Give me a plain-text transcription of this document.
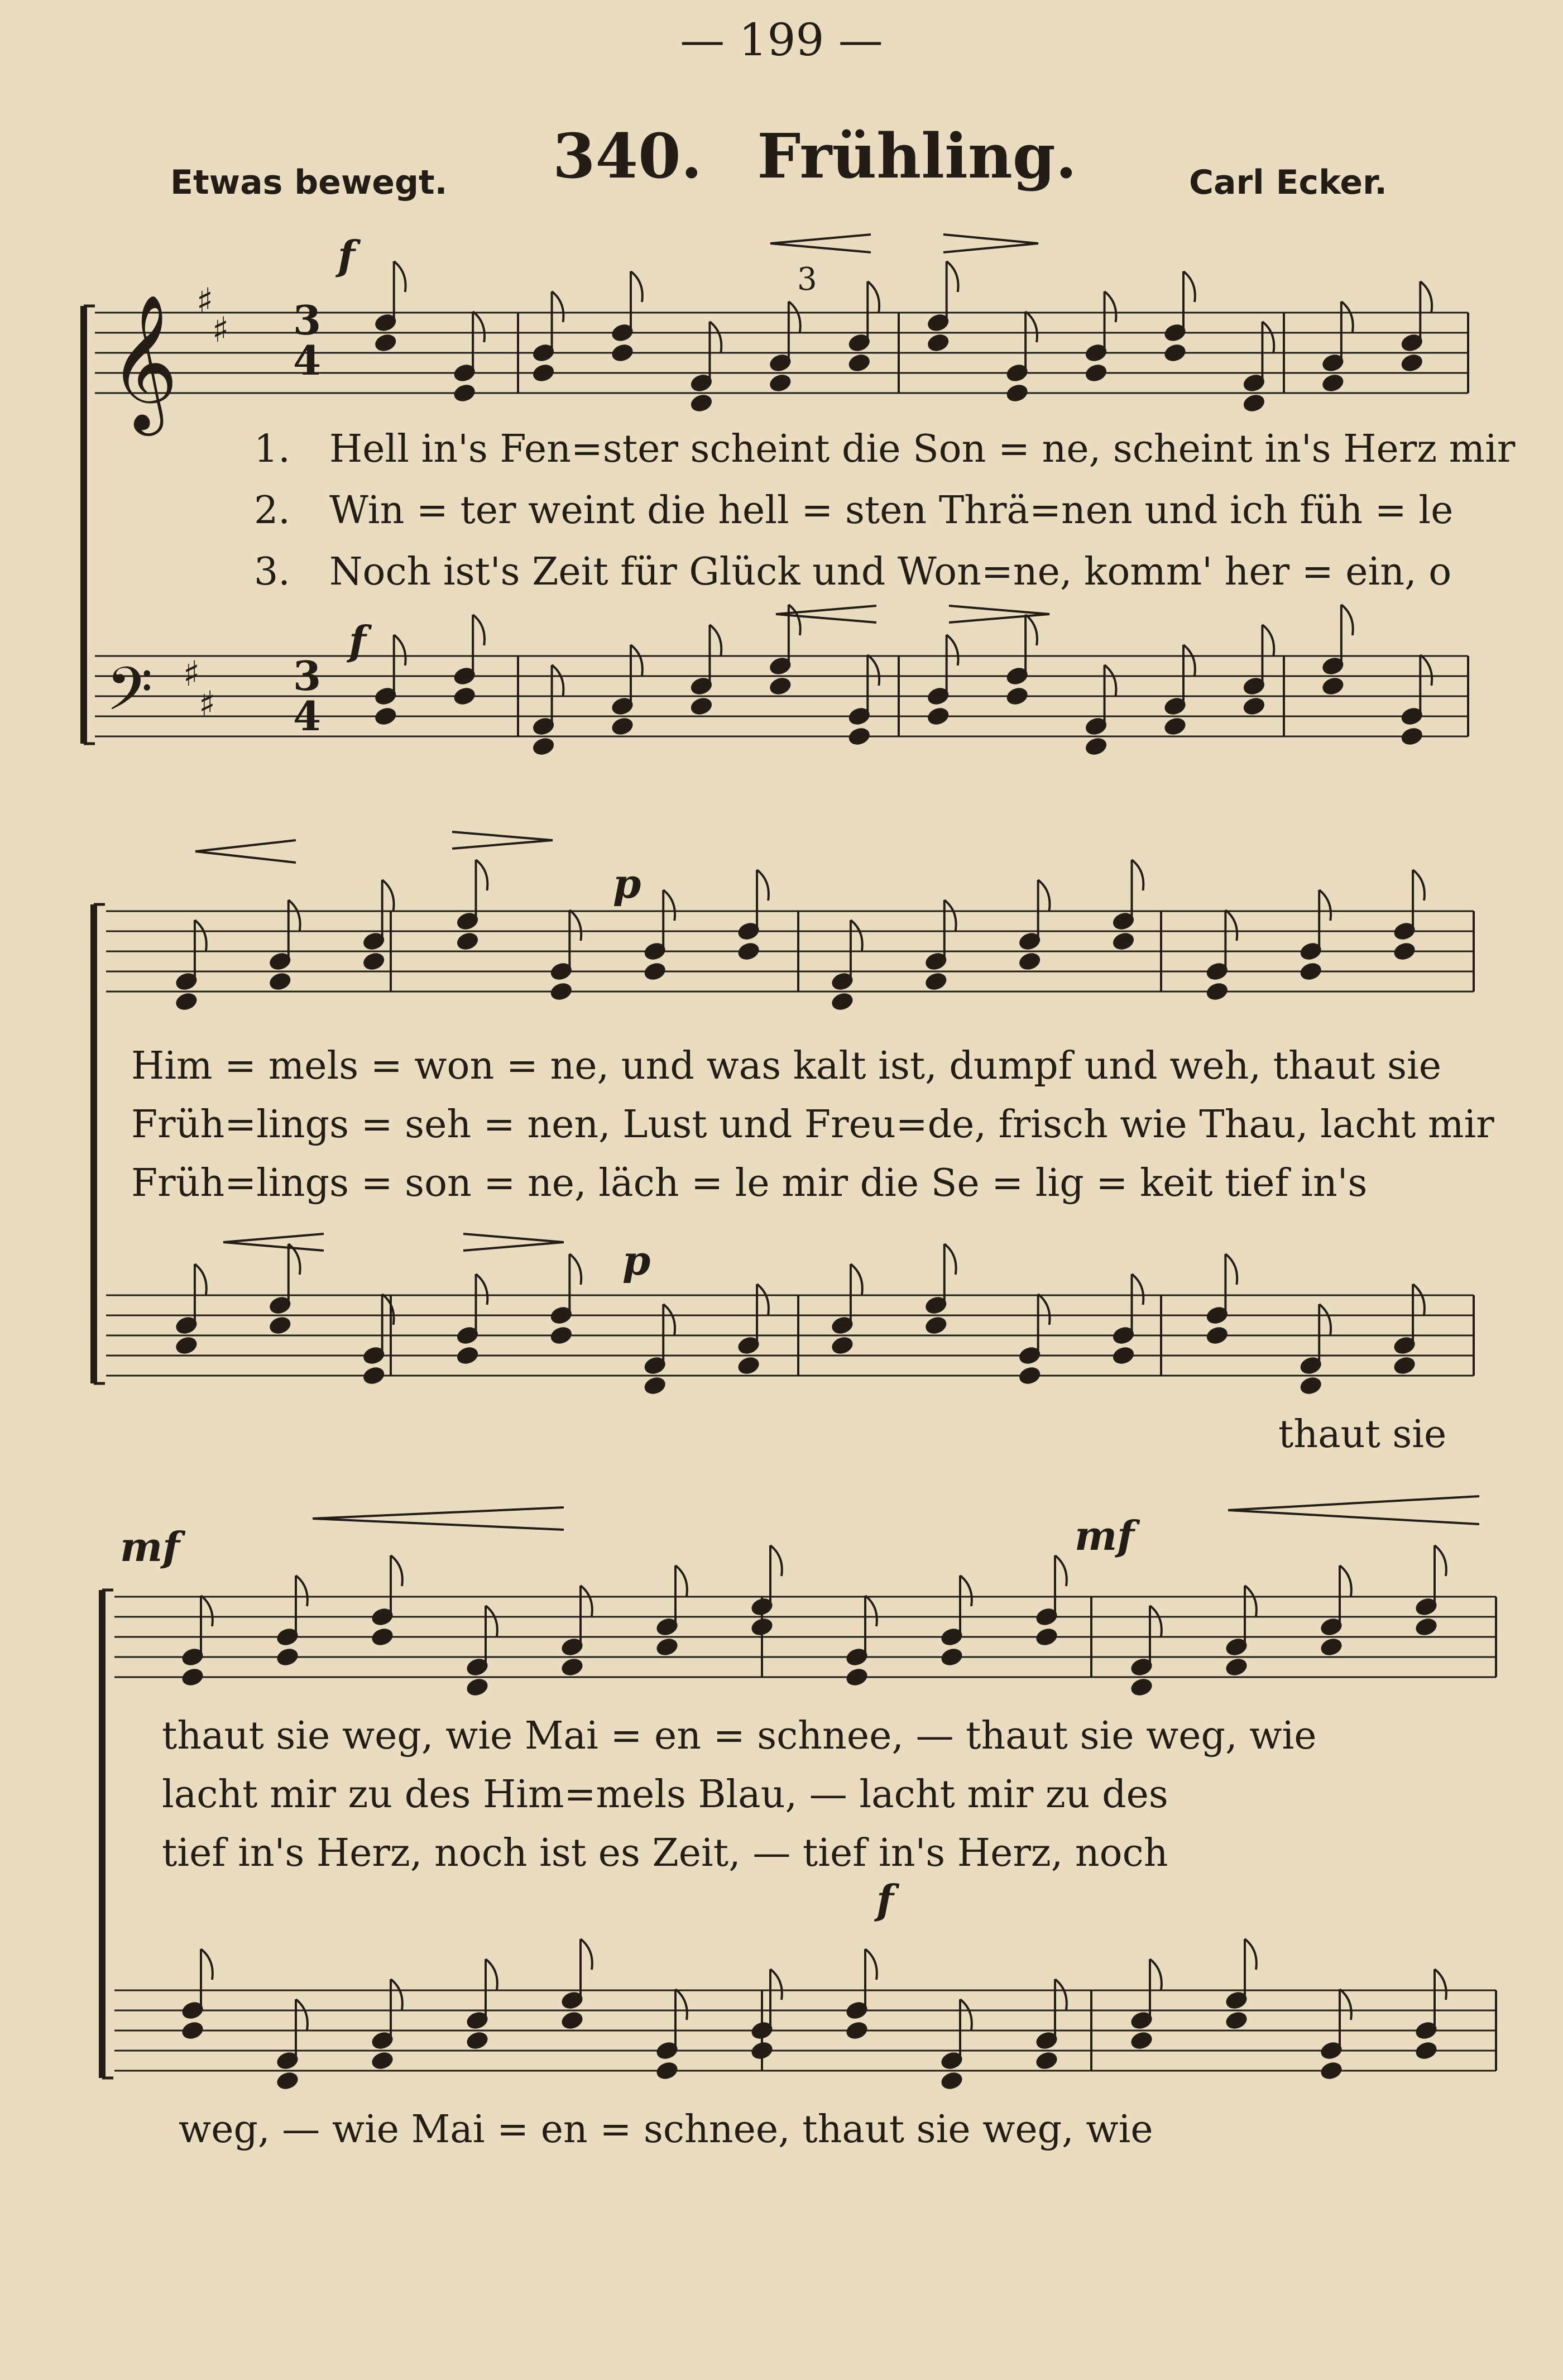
♯
♯
♯
♯
𝄞
𝄢
— 199 —
Etwas bewegt. 340. Frühling.	Carl Ecker.
3
4
3
4
3
f
f
p
p
mf	mf
f
1.
2.
3.
Hell in's Fen=ster scheint die Son = ne, scheint in's Herz mir
Win = ter weint die hell = sten Thrä=nen und ich füh = le
Noch ist's Zeit für Glück und Won=ne, komm' her = ein, o
Him = mels = won = ne, und was kalt ist, dumpf und weh, thaut sie
Früh=lings = seh = nen, Lust und Freu=de, frisch wie Thau, lacht mir
Früh=lings = son = ne, läch = le mir die Se = lig = keit tief in's
thaut sie
thaut sie weg, wie Mai = en = schnee, — thaut sie weg, wie
lacht mir zu des Him=mels Blau, — lacht mir zu des
tief in's Herz, noch ist es Zeit, — tief in's Herz, noch
weg, — wie Mai = en = schnee, thaut sie weg, wie
